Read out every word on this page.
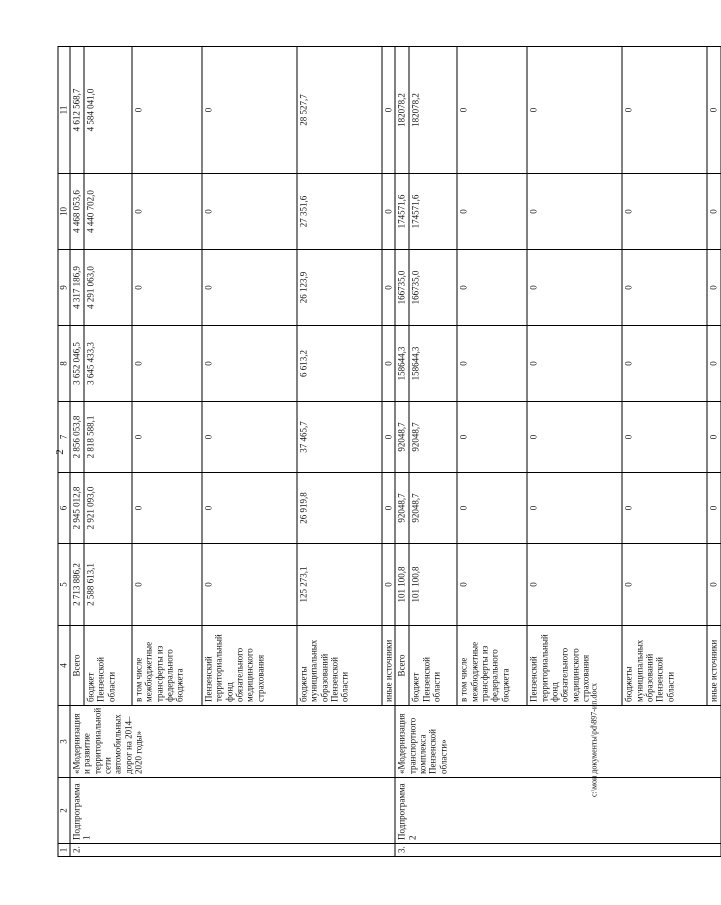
2
c:\мои документы\pd\897-ип.docx
1	2	3	4	5	6	7	8	9	10	11
2.	Подпрограмма 1	«Модернизация и развитие территориальной сети автомобильных дорог на 2014–2020 годы»	Всего	2 713 886,2	2 945 012,8	2 856 053,8	3 652 046,5	4 317 186,9	4 468 053,6	4 612 568,7
			бюджет Пензенской области	2 588 613,1	2 921 093,0	2 818 588,1	3 645 433,3	4 291 063,0	4 440 702,0	4 584 041,0
			в том числе межбюджетные трансферты из федерального бюджета	0	0	0	0	0	0	0
			Пензенский территориальный фонд обязательного медицинского страхования	0	0	0	0	0	0	0
			бюджеты муниципальных образований Пензенской области	125 273,1	26 919,8	37 465,7	6 613,2	26 123,9	27 351,6	28 527,7
			иные источники	0	0	0	0	0	0	0
3.	Подпрограмма 2	«Модернизация транспортного комплекса Пензенской области»	Всего	101 100,8	92048,7	92048,7	158644,3	166735,0	174571,6	182078,2
			бюджет Пензенской области	101 100,8	92048,7	92048,7	158644,3	166735,0	174571,6	182078,2
			в том числе межбюджетные трансферты из федерального бюджета	0	0	0	0	0	0	0
			Пензенский территориальный фонд обязательного медицинского страхования	0	0	0	0	0	0	0
			бюджеты муниципальных образований Пензенской области	0	0	0	0	0	0	0
			иные источники	0	0	0	0	0	0	0
